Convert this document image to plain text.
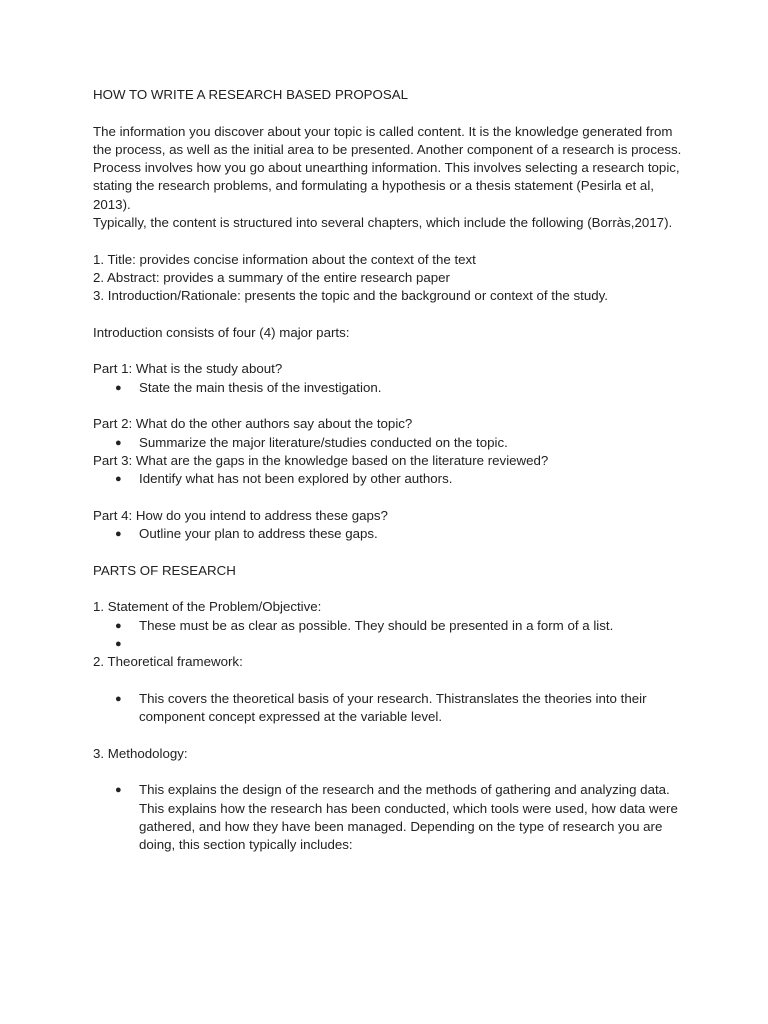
HOW TO WRITE A RESEARCH BASED PROPOSAL

The information you discover about your topic is called content. It is the knowledge generated from the process, as well as the initial area to be presented. Another component of a research is process.

Process involves how you go about unearthing information. This involves selecting a research topic, stating the research problems, and formulating a hypothesis or a thesis statement (Pesirla et al, 2013).

Typically, the content is structured into several chapters, which include the following (Borràs,2017).

1. Title: provides concise information about the context of the text

2. Abstract: provides a summary of the entire research paper

3. Introduction/Rationale: presents the topic and the background or context of the study.

Introduction consists of four (4) major parts:

Part 1: What is the study about?

● State the main thesis of the investigation.

Part 2: What do the other authors say about the topic?

● Summarize the major literature/studies conducted on the topic.

Part 3: What are the gaps in the knowledge based on the literature reviewed?

● Identify what has not been explored by other authors.

Part 4: How do you intend to address these gaps?

● Outline your plan to address these gaps.

PARTS OF RESEARCH

1. Statement of the Problem/Objective:

● These must be as clear as possible. They should be presented in a form of a list.
●

2. Theoretical framework:

● This covers the theoretical basis of your research. Thistranslates the theories into their component concept expressed at the variable level.

3. Methodology:

● This explains the design of the research and the methods of gathering and analyzing data. This explains how the research has been conducted, which tools were used, how data were gathered, and how they have been managed. Depending on the type of research you are doing, this section typically includes:
